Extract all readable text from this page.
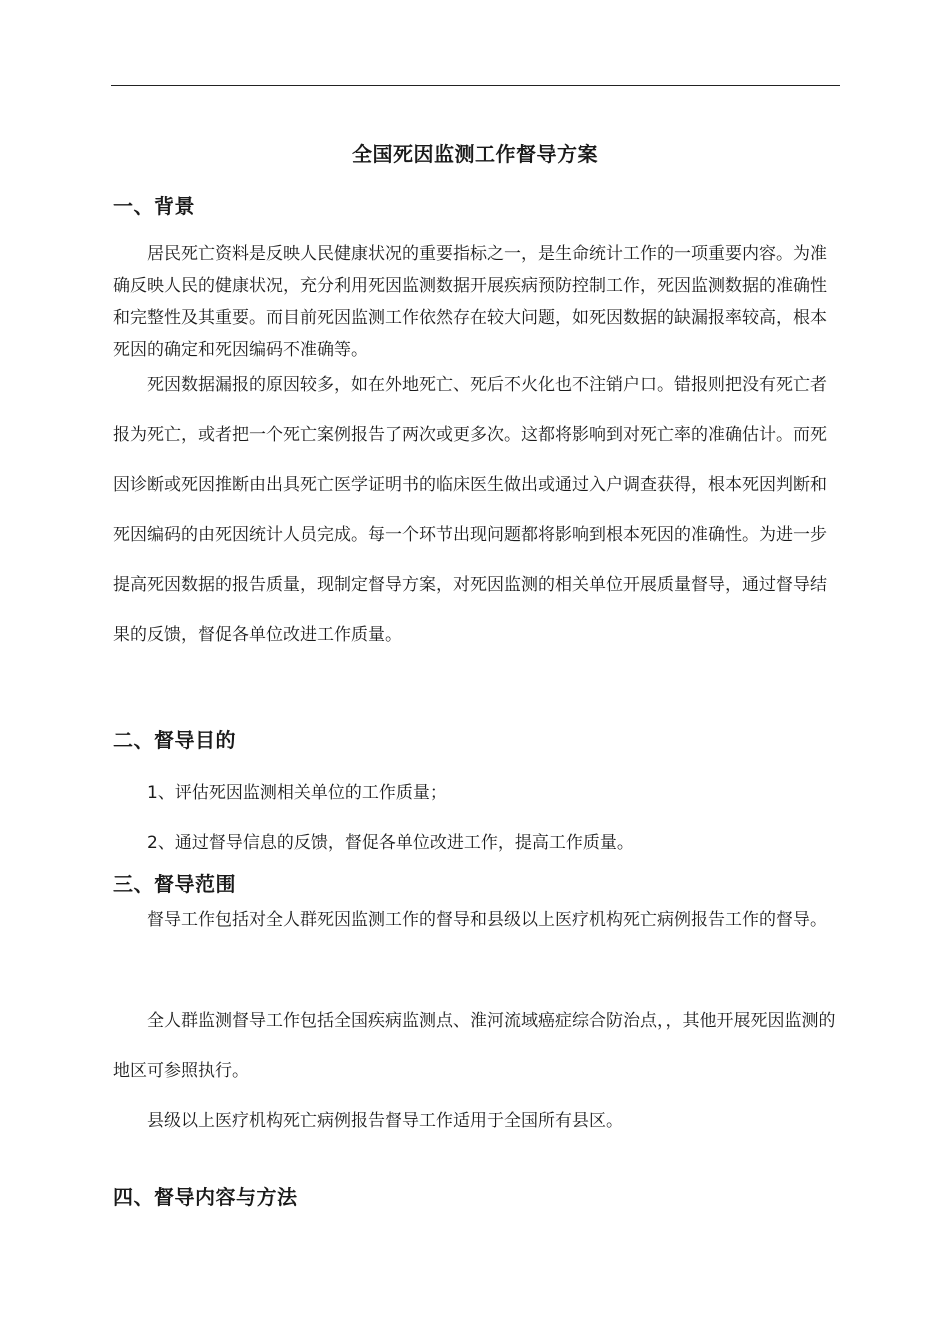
全国死因监测工作督导方案
一、背景

居民死亡资料是反映人民健康状况的重要指标之一，是生命统计工作的一项重要内容。为准确反映人民的健康状况，充分利用死因监测数据开展疾病预防控制工作，死因监测数据的准确性和完整性及其重要。而目前死因监测工作依然存在较大问题，如死因数据的缺漏报率较高，根本死因的确定和死因编码不准确等。

死因数据漏报的原因较多，如在外地死亡、死后不火化也不注销户口。错报则把没有死亡者报为死亡，或者把一个死亡案例报告了两次或更多次。这都将影响到对死亡率的准确估计。而死因诊断或死因推断由出具死亡医学证明书的临床医生做出或通过入户调查获得，根本死因判断和死因编码的由死因统计人员完成。每一个环节出现问题都将影响到根本死因的准确性。为进一步提高死因数据的报告质量，现制定督导方案，对死因监测的相关单位开展质量督导，通过督导结果的反馈，督促各单位改进工作质量。

二、督导目的
1、评估死因监测相关单位的工作质量；
2、通过督导信息的反馈，督促各单位改进工作，提高工作质量。
三、督导范围

督导工作包括对全人群死因监测工作的督导和县级以上医疗机构死亡病例报告工作的督导。

全人群监测督导工作包括全国疾病监测点、淮河流域癌症综合防治点，，其他开展死因监测的地区可参照执行。

县级以上医疗机构死亡病例报告督导工作适用于全国所有县区。

四、督导内容与方法
